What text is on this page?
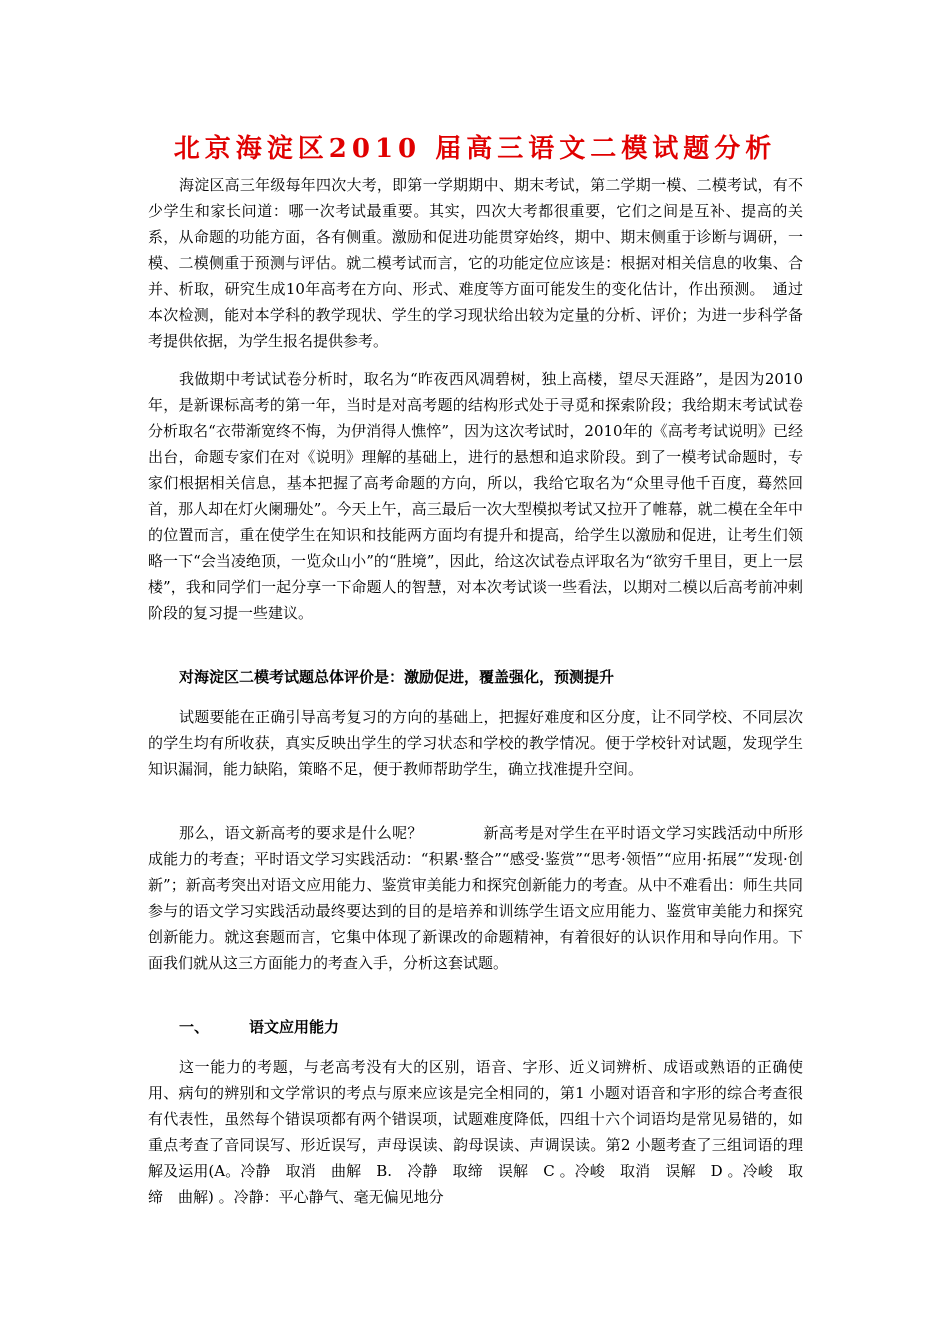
北京海淀区2010 届高三语文二模试题分析

海淀区高三年级每年四次大考，即第一学期期中、期末考试，第二学期一模、二模考试，有不少学生和家长问道：哪一次考试最重要。其实，四次大考都很重要，它们之间是互补、提高的关系，从命题的功能方面，各有侧重。激励和促进功能贯穿始终，期中、期末侧重于诊断与调研，一模、二模侧重于预测与评估。就二模考试而言，它的功能定位应该是：根据对相关信息的收集、合并、析取，研究生成10年高考在方向、形式、难度等方面可能发生的变化估计，作出预测。　通过本次检测，能对本学科的教学现状、学生的学习现状给出较为定量的分析、评价；为进一步科学备考提供依据，为学生报名提供参考。

我做期中考试试卷分析时，取名为“昨夜西风凋碧树，独上高楼，望尽天涯路”，是因为2010年，是新课标高考的第一年，当时是对高考题的结构形式处于寻觅和探索阶段；我给期末考试试卷分析取名“衣带渐宽终不悔，为伊消得人憔悴”，因为这次考试时，2010年的《高考考试说明》已经出台，命题专家们在对《说明》理解的基础上，进行的悬想和追求阶段。到了一模考试命题时，专家们根据相关信息，基本把握了高考命题的方向，所以，我给它取名为“众里寻他千百度，蓦然回首，那人却在灯火阑珊处”。今天上午，高三最后一次大型模拟考试又拉开了帷幕，就二模在全年中的位置而言，重在使学生在知识和技能两方面均有提升和提高，给学生以激励和促进，让考生们领略一下“会当凌绝顶，一览众山小”的“胜境”，因此，给这次试卷点评取名为“欲穷千里目，更上一层楼”，我和同学们一起分享一下命题人的智慧，对本次考试谈一些看法，以期对二模以后高考前冲刺阶段的复习提一些建议。

对海淀区二模考试题总体评价是：激励促进，覆盖强化，预测提升

试题要能在正确引导高考复习的方向的基础上，把握好难度和区分度，让不同学校、不同层次的学生均有所收获，真实反映出学生的学习状态和学校的教学情况。便于学校针对试题，发现学生知识漏洞，能力缺陷，策略不足，便于教师帮助学生，确立找准提升空间。

那么，语文新高考的要求是什么呢？　　　　新高考是对学生在平时语文学习实践活动中所形成能力的考查；平时语文学习实践活动：“积累·整合”“感受·鉴赏”“思考·领悟”“应用·拓展”“发现·创新”；新高考突出对语文应用能力、鉴赏审美能力和探究创新能力的考查。从中不难看出：师生共同参与的语文学习实践活动最终要达到的目的是培养和训练学生语文应用能力、鉴赏审美能力和探究创新能力。就这套题而言，它集中体现了新课改的命题精神，有着很好的认识作用和导向作用。下面我们就从这三方面能力的考查入手，分析这套试题。

一、	语文应用能力

这一能力的考题，与老高考没有大的区别，语音、字形、近义词辨析、成语或熟语的正确使用、病句的辨别和文学常识的考点与原来应该是完全相同的，第1 小题对语音和字形的综合考查很有代表性，虽然每个错误项都有两个错误项，试题难度降低，四组十六个词语均是常见易错的，如重点考查了音同误写、形近误写，声母误读、韵母误读、声调误读。第2 小题考查了三组词语的理解及运用(A。冷静　取消　曲解　B.　冷静　取缔　误解　C 。冷峻　取消　误解　D 。冷峻　取缔　曲解) 。冷静：平心静气、毫无偏见地分
